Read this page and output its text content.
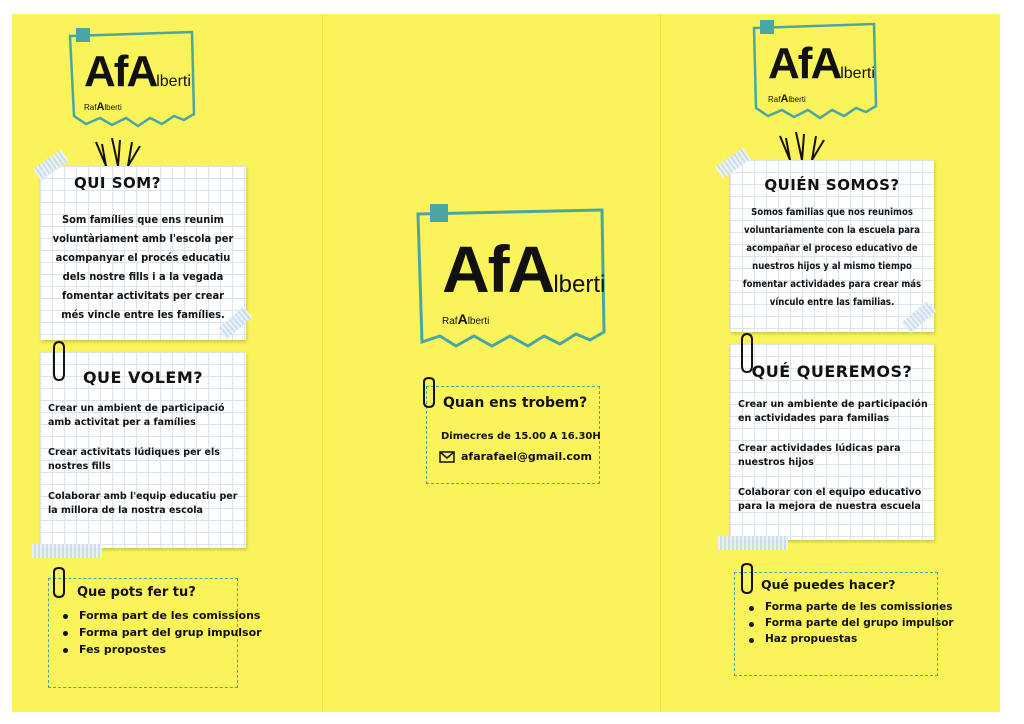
AfAlberti
RafAlberti
QUI SOM?
Som famílies que ens reunim
voluntàriament amb l'escola per
acompanyar el procés educatiu
dels nostre fills i a la vegada
fomentar activitats per crear
més vincle entre les famílies.
QUE VOLEM?
Crear un ambient de participació amb activitat per a famílies
Crear activitats lúdiques per els nostres fills
Colaborar amb l'equip educatiu per la millora de la nostra escola
Que pots fer tu?
Forma part de les comissions
Forma part del grup impulsor
Fes propostes
AfAlberti
RafAlberti
Quan ens trobem?
Dimecres de 15.00 A 16.30H
afarafael@gmail.com
AfAlberti
RafAlberti
QUIÉN SOMOS?
Somos familias que nos reunimos
voluntariamente con la escuela para
acompañar el proceso educativo de
nuestros hijos y al mismo tiempo
fomentar actividades para crear más
vínculo entre las familias.
QUÉ QUEREMOS?
Crear un ambiente de participación en actividades para familias
Crear actividades lúdicas para nuestros hijos
Colaborar con el equipo educativo para la mejora de nuestra escuela
Qué puedes hacer?
Forma parte de les comissiones
Forma parte del grupo impulsor
Haz propuestas
